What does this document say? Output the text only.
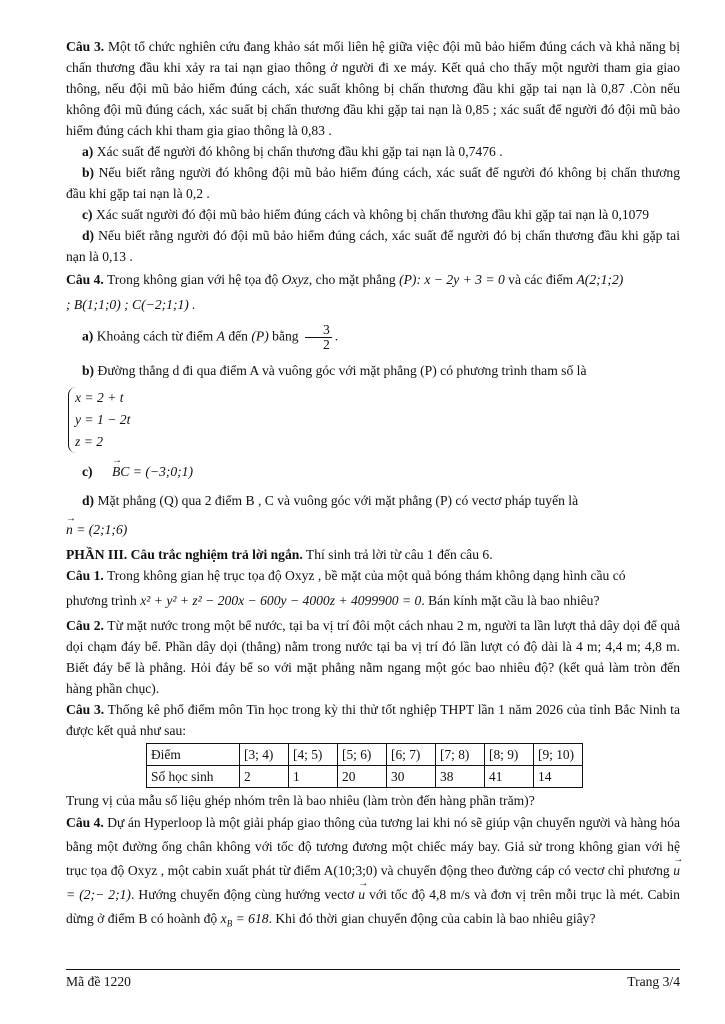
Câu 3. Một tổ chức nghiên cứu đang khảo sát mối liên hệ giữa việc đội mũ bảo hiểm đúng cách và khả năng bị chấn thương đầu khi xảy ra tai nạn giao thông ở người đi xe máy. Kết quả cho thấy một người tham gia giao thông, nếu đội mũ bảo hiểm đúng cách, xác suất không bị chấn thương đầu khi gặp tai nạn là 0,87 .Còn nếu không đội mũ đúng cách, xác suất bị chấn thương đầu khi gặp tai nạn là 0,85 ; xác suất để người đó đội mũ bảo hiểm đúng cách khi tham gia giao thông là 0,83 .

a) Xác suất để người đó không bị chấn thương đầu khi gặp tai nạn là 0,7476 .

b) Nếu biết rằng người đó không đội mũ bảo hiểm đúng cách, xác suất để người đó không bị chấn thương đầu khi gặp tai nạn là 0,2 .

c) Xác suất người đó đội mũ bảo hiểm đúng cách và không bị chấn thương đầu khi gặp tai nạn là 0,1079

d) Nếu biết rằng người đó đội mũ bảo hiểm đúng cách, xác suất để người đó bị chấn thương đầu khi gặp tai nạn là 0,13 .

Câu 4. Trong không gian với hệ tọa độ Oxyz, cho mặt phẳng (P): x − 2y + 3 = 0 và các điểm A(2;1;2)

; B(1;1;0) ; C(−2;1;1) .

a) Khoảng cách từ điểm A đến (P) bằng $\frac{3}{2}$ .

b) Đường thẳng d đi qua điểm A và vuông góc với mặt phẳng (P) có phương trình tham số là

x = 2 + t
y = 1 − 2t
z = 2

c) → BC = (−3;0;1)

d) Mặt phẳng (Q) qua 2 điểm B , C và vuông góc với mặt phẳng (P) có vectơ pháp tuyến là

→ n = (2;1;6)

PHẦN III. Câu trắc nghiệm trả lời ngắn. Thí sinh trả lời từ câu 1 đến câu 6.

Câu 1. Trong không gian hệ trục tọa độ Oxyz , bề mặt của một quả bóng thám không dạng hình cầu có

phương trình x² + y² + z² − 200x − 600y − 4000z + 4099900 = 0. Bán kính mặt cầu là bao nhiêu?

Câu 2. Từ mặt nước trong một bể nước, tại ba vị trí đôi một cách nhau 2 m, người ta lần lượt thả dây dọi để quả dọi chạm đáy bể. Phần dây dọi (thẳng) nằm trong nước tại ba vị trí đó lần lượt có độ dài là 4 m; 4,4 m; 4,8 m. Biết đáy bể là phẳng. Hỏi đáy bể so với mặt phẳng nằm ngang một góc bao nhiêu độ? (kết quả làm tròn đến hàng phần chục).

Câu 3. Thống kê phổ điểm môn Tin học trong kỳ thi thử tốt nghiệp THPT lần 1 năm 2026 của tỉnh Bắc Ninh ta được kết quả như sau:

Điểm	[3; 4)	[4; 5)	[5; 6)	[6; 7)	[7; 8)	[8; 9)	[9; 10)
Số học sinh	2	1	20	30	38	41	14

Trung vị của mẫu số liệu ghép nhóm trên là bao nhiêu (làm tròn đến hàng phần trăm)?

Câu 4. Dự án Hyperloop là một giải pháp giao thông của tương lai khi nó sẽ giúp vận chuyển người và hàng hóa bằng một đường ống chân không với tốc độ tương đương một chiếc máy bay. Giả sử trong không gian với hệ trục tọa độ Oxyz , một cabin xuất phát từ điểm A(10;3;0) và chuyển động theo đường cáp có vectơ chỉ phương → u = (2;− 2;1). Hướng chuyển động cùng hướng vectơ → u với tốc độ 4,8 m/s và đơn vị trên mỗi trục là mét. Cabin dừng ở điểm B có hoành độ $x_B = 618$. Khi đó thời gian chuyển động của cabin là bao nhiêu giây?

Mã đề 1220	Trang 3/4
